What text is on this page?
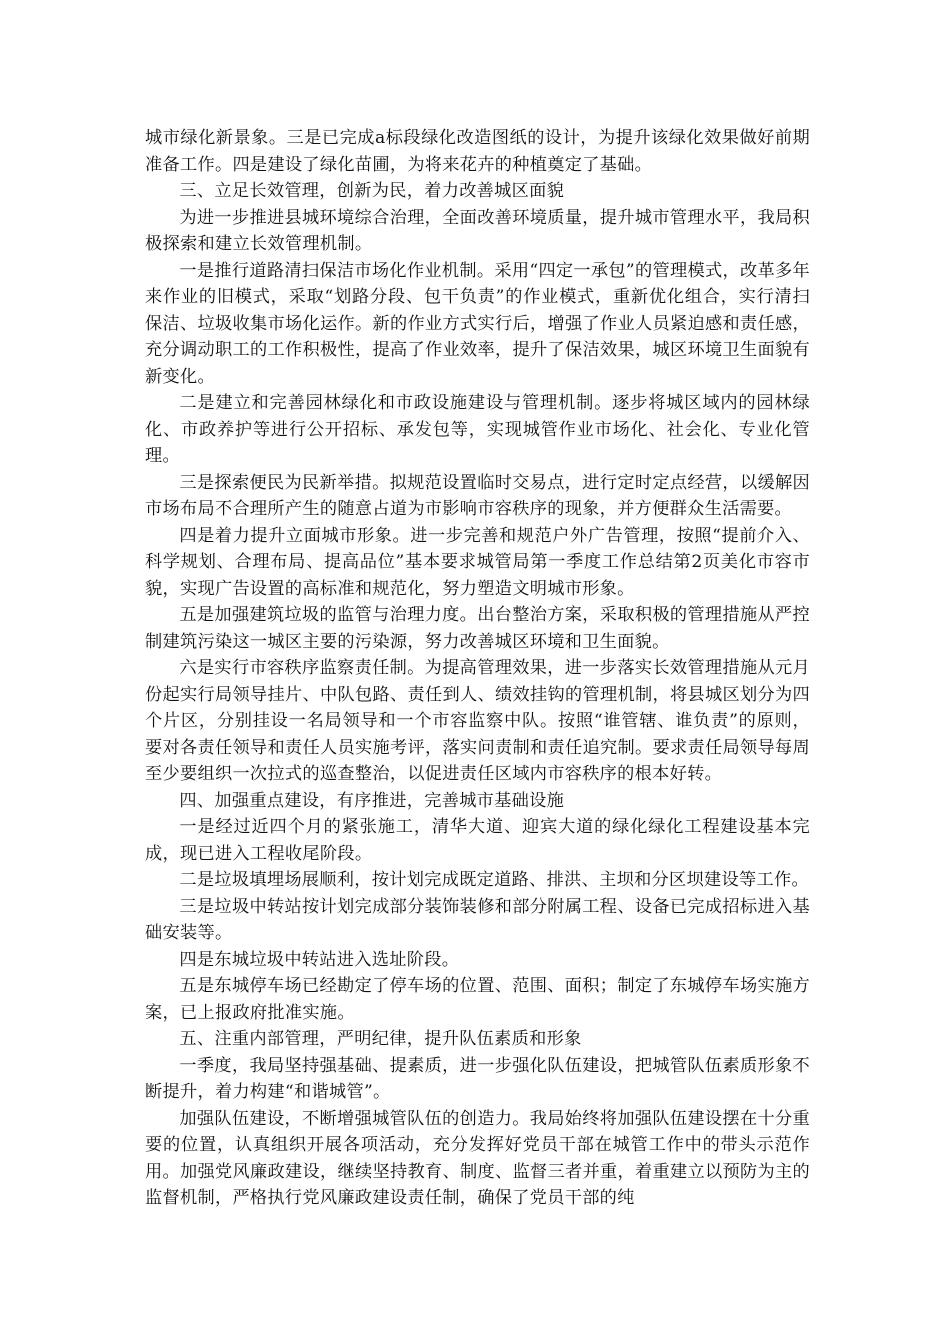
城市绿化新景象。三是已完成a标段绿化改造图纸的设计，为提升该绿化效果做好前期准备工作。四是建设了绿化苗圃，为将来花卉的种植奠定了基础。

三、立足长效管理，创新为民，着力改善城区面貌

为进一步推进县城环境综合治理，全面改善环境质量，提升城市管理水平，我局积极探索和建立长效管理机制。

一是推行道路清扫保洁市场化作业机制。采用“四定一承包”的管理模式，改革多年来作业的旧模式，采取“划路分段、包干负责”的作业模式，重新优化组合，实行清扫保洁、垃圾收集市场化运作。新的作业方式实行后，增强了作业人员紧迫感和责任感，充分调动职工的工作积极性，提高了作业效率，提升了保洁效果，城区环境卫生面貌有新变化。

二是建立和完善园林绿化和市政设施建设与管理机制。逐步将城区域内的园林绿化、市政养护等进行公开招标、承发包等，实现城管作业市场化、社会化、专业化管理。

三是探索便民为民新举措。拟规范设置临时交易点，进行定时定点经营，以缓解因市场布局不合理所产生的随意占道为市影响市容秩序的现象，并方便群众生活需要。

四是着力提升立面城市形象。进一步完善和规范户外广告管理，按照“提前介入、科学规划、合理布局、提高品位”基本要求城管局第一季度工作总结第2页美化市容市貌，实现广告设置的高标准和规范化，努力塑造文明城市形象。

五是加强建筑垃圾的监管与治理力度。出台整治方案，采取积极的管理措施从严控制建筑污染这一城区主要的污染源，努力改善城区环境和卫生面貌。

六是实行市容秩序监察责任制。为提高管理效果，进一步落实长效管理措施从元月份起实行局领导挂片、中队包路、责任到人、绩效挂钩的管理机制，将县城区划分为四个片区，分别挂设一名局领导和一个市容监察中队。按照“谁管辖、谁负责”的原则，要对各责任领导和责任人员实施考评，落实问责制和责任追究制。要求责任局领导每周至少要组织一次拉式的巡查整治，以促进责任区域内市容秩序的根本好转。

四、加强重点建设，有序推进，完善城市基础设施

一是经过近四个月的紧张施工，清华大道、迎宾大道的绿化绿化工程建设基本完成，现已进入工程收尾阶段。

二是垃圾填埋场展顺利，按计划完成既定道路、排洪、主坝和分区坝建设等工作。

三是垃圾中转站按计划完成部分装饰装修和部分附属工程、设备已完成招标进入基础安装等。

四是东城垃圾中转站进入选址阶段。

五是东城停车场已经勘定了停车场的位置、范围、面积；制定了东城停车场实施方案，已上报政府批准实施。

五、注重内部管理，严明纪律，提升队伍素质和形象

一季度，我局坚持强基础、提素质，进一步强化队伍建设，把城管队伍素质形象不断提升，着力构建“和谐城管”。

加强队伍建设，不断增强城管队伍的创造力。我局始终将加强队伍建设摆在十分重要的位置，认真组织开展各项活动，充分发挥好党员干部在城管工作中的带头示范作用。加强党风廉政建设，继续坚持教育、制度、监督三者并重，着重建立以预防为主的监督机制，严格执行党风廉政建设责任制，确保了党员干部的纯
